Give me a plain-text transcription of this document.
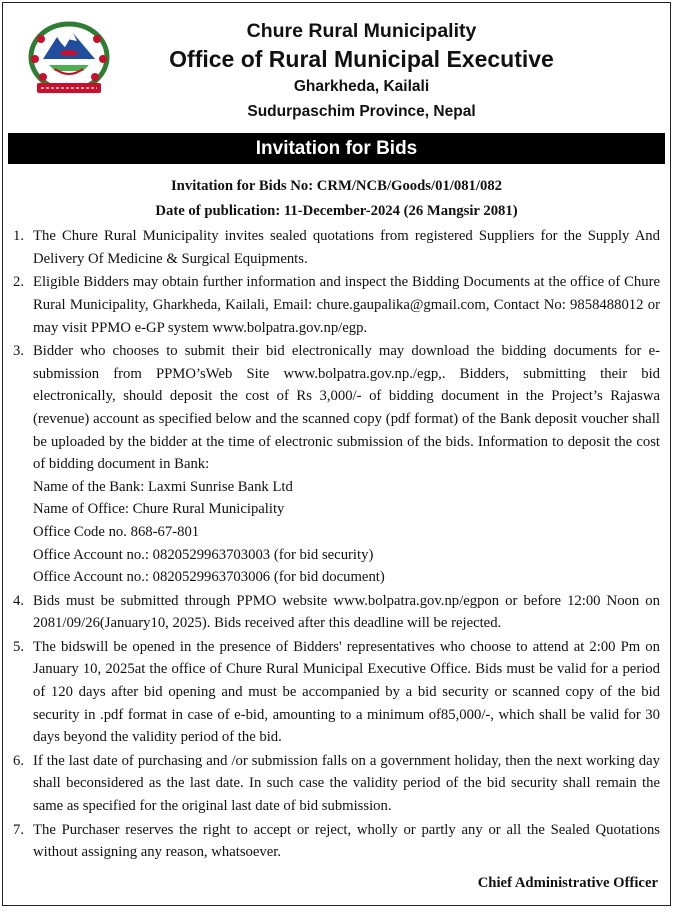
Chure Rural Municipality
Office of Rural Municipal Executive
Gharkheda, Kailali
Sudurpaschim Province, Nepal
Invitation for Bids
Invitation for Bids No: CRM/NCB/Goods/01/081/082
Date of publication: 11-December-2024 (26 Mangsir 2081)
1. The Chure Rural Municipality invites sealed quotations from registered Suppliers for the Supply And Delivery Of Medicine & Surgical Equipments.

2. Eligible Bidders may obtain further information and inspect the Bidding Documents at the office of Chure Rural Municipality, Gharkheda, Kailali, Email: chure.gaupalika@gmail.com, Contact No: 9858488012 or may visit PPMO e-GP system www.bolpatra.gov.np/egp.

3. Bidder who chooses to submit their bid electronically may download the bidding documents for e-submission from PPMO’sWeb Site www.bolpatra.gov.np./egp,. Bidders, submitting their bid electronically, should deposit the cost of Rs 3,000/- of bidding document in the Project’s Rajaswa (revenue) account as specified below and the scanned copy (pdf format) of the Bank deposit voucher shall be uploaded by the bidder at the time of electronic submission of the bids. Information to deposit the cost of bidding document in Bank:

Name of the Bank: Laxmi Sunrise Bank Ltd

Name of Office: Chure Rural Municipality

Office Code no. 868-67-801

Office Account no.: 0820529963703003 (for bid security)

Office Account no.: 0820529963703006 (for bid document)

4. Bids must be submitted through PPMO website www.bolpatra.gov.np/egpon or before 12:00 Noon on 2081/09/26(January10, 2025). Bids received after this deadline will be rejected.

5. The bidswill be opened in the presence of Bidders' representatives who choose to attend at 2:00 Pm on January 10, 2025at the office of Chure Rural Municipal Executive Office. Bids must be valid for a period of 120 days after bid opening and must be accompanied by a bid security or scanned copy of the bid security in .pdf format in case of e-bid, amounting to a minimum of85,000/-, which shall be valid for 30 days beyond the validity period of the bid.

6. If the last date of purchasing and /or submission falls on a government holiday, then the next working day shall beconsidered as the last date. In such case the validity period of the bid security shall remain the same as specified for the original last date of bid submission.

7. The Purchaser reserves the right to accept or reject, wholly or partly any or all the Sealed Quotations without assigning any reason, whatsoever.

Chief Administrative Officer
